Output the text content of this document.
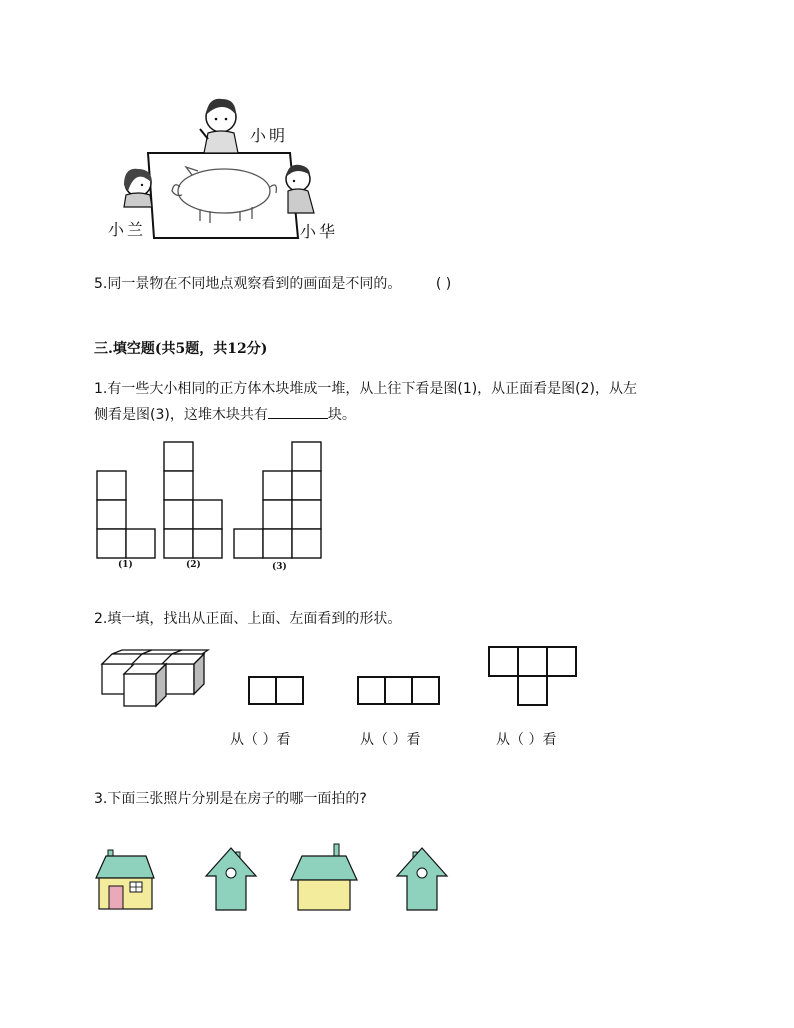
小明
小兰	小华
5.同一景物在不同地点观察看到的画面是不同的。 ( )
三.填空题(共5题，共12分)
1.有一些大小相同的正方体木块堆成一堆，从上往下看是图(1)，从正面看是图(2)，从左
侧看是图(3)，这堆木块共有	块。
(1)	(2)	(3)
2.填一填，找出从正面、上面、左面看到的形状。
从（ ）看	从（ ）看	从（ ）看
3.下面三张照片分别是在房子的哪一面拍的?
